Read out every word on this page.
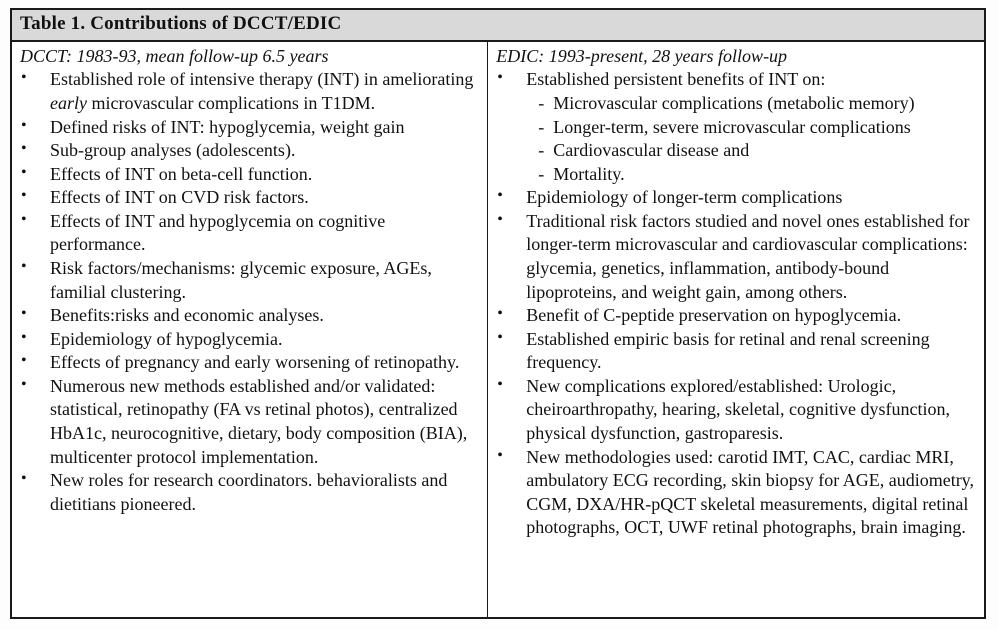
Table 1. Contributions of DCCT/EDIC
DCCT: 1983-93, mean follow-up 6.5 years
•	Established role of intensive therapy (INT) in ameliorating early microvascular complications in T1DM.
•	Defined risks of INT: hypoglycemia, weight gain
•	Sub-group analyses (adolescents).
•	Effects of INT on beta-cell function.
•	Effects of INT on CVD risk factors.
•	Effects of INT and hypoglycemia on cognitive performance.
•	Risk factors/mechanisms: glycemic exposure, AGEs, familial clustering.
•	Benefits:risks and economic analyses.
•	Epidemiology of hypoglycemia.
•	Effects of pregnancy and early worsening of retinopathy.
•	Numerous new methods established and/or validated: statistical, retinopathy (FA vs retinal photos), centralized HbA1c, neurocognitive, dietary, body composition (BIA), multicenter protocol implementation.
•	New roles for research coordinators. behavioralists and dietitians pioneered.
EDIC: 1993-present, 28 years follow-up
•	Established persistent benefits of INT on:
- Microvascular complications (metabolic memory)
- Longer-term, severe microvascular complications
- Cardiovascular disease and
- Mortality.
•	Epidemiology of longer-term complications
•	Traditional risk factors studied and novel ones established for longer-term microvascular and cardiovascular complications: glycemia, genetics, inflammation, antibody-bound lipoproteins, and weight gain, among others.
•	Benefit of C-peptide preservation on hypoglycemia.
•	Established empiric basis for retinal and renal screening frequency.
•	New complications explored/established: Urologic, cheiroarthropathy, hearing, skeletal, cognitive dysfunction, physical dysfunction, gastroparesis.
•	New methodologies used: carotid IMT, CAC, cardiac MRI, ambulatory ECG recording, skin biopsy for AGE, audiometry, CGM, DXA/HR-pQCT skeletal measurements, digital retinal photographs, OCT, UWF retinal photographs, brain imaging.
